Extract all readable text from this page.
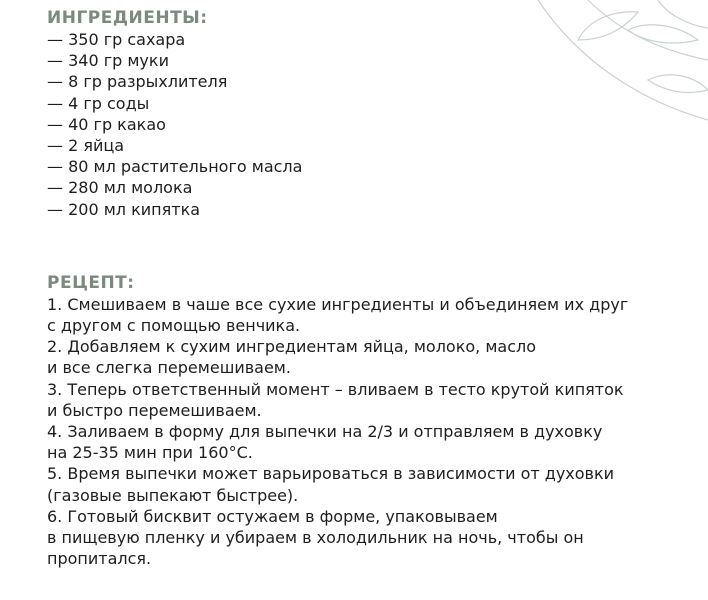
ИНГРЕДИЕНТЫ:
— 350 гр сахара
— 340 гр муки
— 8 гр разрыхлителя
— 4 гр соды
— 40 гр какао
— 2 яйца
— 80 мл растительного масла
— 280 мл молока
— 200 мл кипятка
РЕЦЕПТ:
1. Смешиваем в чаше все сухие ингредиенты и объединяем их друг
с другом с помощью венчика.
2. Добавляем к сухим ингредиентам яйца, молоко, масло
и все слегка перемешиваем.
3. Теперь ответственный момент – вливаем в тесто крутой кипяток
и быстро перемешиваем.
4. Заливаем в форму для выпечки на 2/3 и отправляем в духовку
на 25-35 мин при 160°С.
5. Время выпечки может варьироваться в зависимости от духовки
(газовые выпекают быстрее).
6. Готовый бисквит остужаем в форме, упаковываем
в пищевую пленку и убираем в холодильник на ночь, чтобы он
пропитался.
